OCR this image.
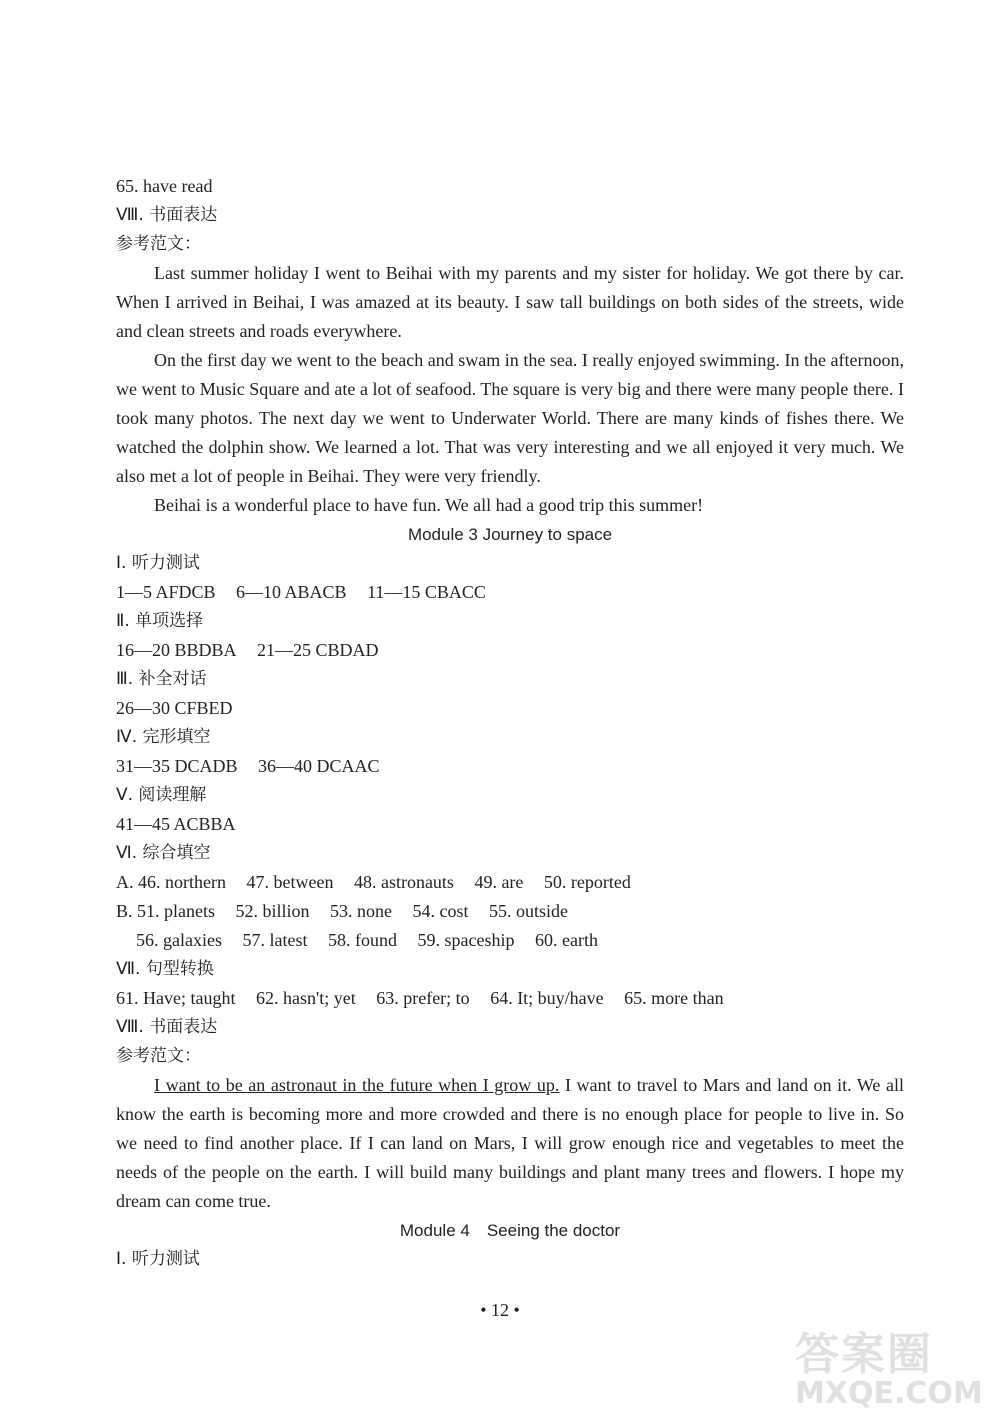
65. have read
Ⅷ. 书面表达
参考范文：
Last summer holiday I went to Beihai with my parents and my sister for holiday. We got there by car. When I arrived in Beihai, I was amazed at its beauty. I saw tall buildings on both sides of the streets, wide and clean streets and roads everywhere.
On the first day we went to the beach and swam in the sea. I really enjoyed swimming. In the afternoon, we went to Music Square and ate a lot of seafood. The square is very big and there were many people there. I took many photos. The next day we went to Underwater World. There are many kinds of fishes there. We watched the dolphin show. We learned a lot. That was very interesting and we all enjoyed it very much. We also met a lot of people in Beihai. They were very friendly.
Beihai is a wonderful place to have fun. We all had a good trip this summer!
Module 3 Journey to space
Ⅰ. 听力测试
1—5 AFDCB 6—10 ABACB 11—15 CBACC
Ⅱ. 单项选择
16—20 BBDBA 21—25 CBDAD
Ⅲ. 补全对话
26—30 CFBED
Ⅳ. 完形填空
31—35 DCADB 36—40 DCAAC
Ⅴ. 阅读理解
41—45 ACBBA
Ⅵ. 综合填空
A. 46. northern 47. between 48. astronauts 49. are 50. reported
B. 51. planets 52. billion 53. none 54. cost 55. outside
56. galaxies 57. latest 58. found 59. spaceship 60. earth
Ⅶ. 句型转换
61. Have; taught 62. hasn't; yet 63. prefer; to 64. It; buy/have 65. more than
Ⅷ. 书面表达
参考范文：
I want to be an astronaut in the future when I grow up. I want to travel to Mars and land on it. We all know the earth is becoming more and more crowded and there is no enough place for people to live in. So we need to find another place. If I can land on Mars, I will grow enough rice and vegetables to meet the needs of the people on the earth. I will build many buildings and plant many trees and flowers. I hope my dream can come true.
Module 4　Seeing the doctor
Ⅰ. 听力测试
• 12 •
答案圈
MXQE.COM
